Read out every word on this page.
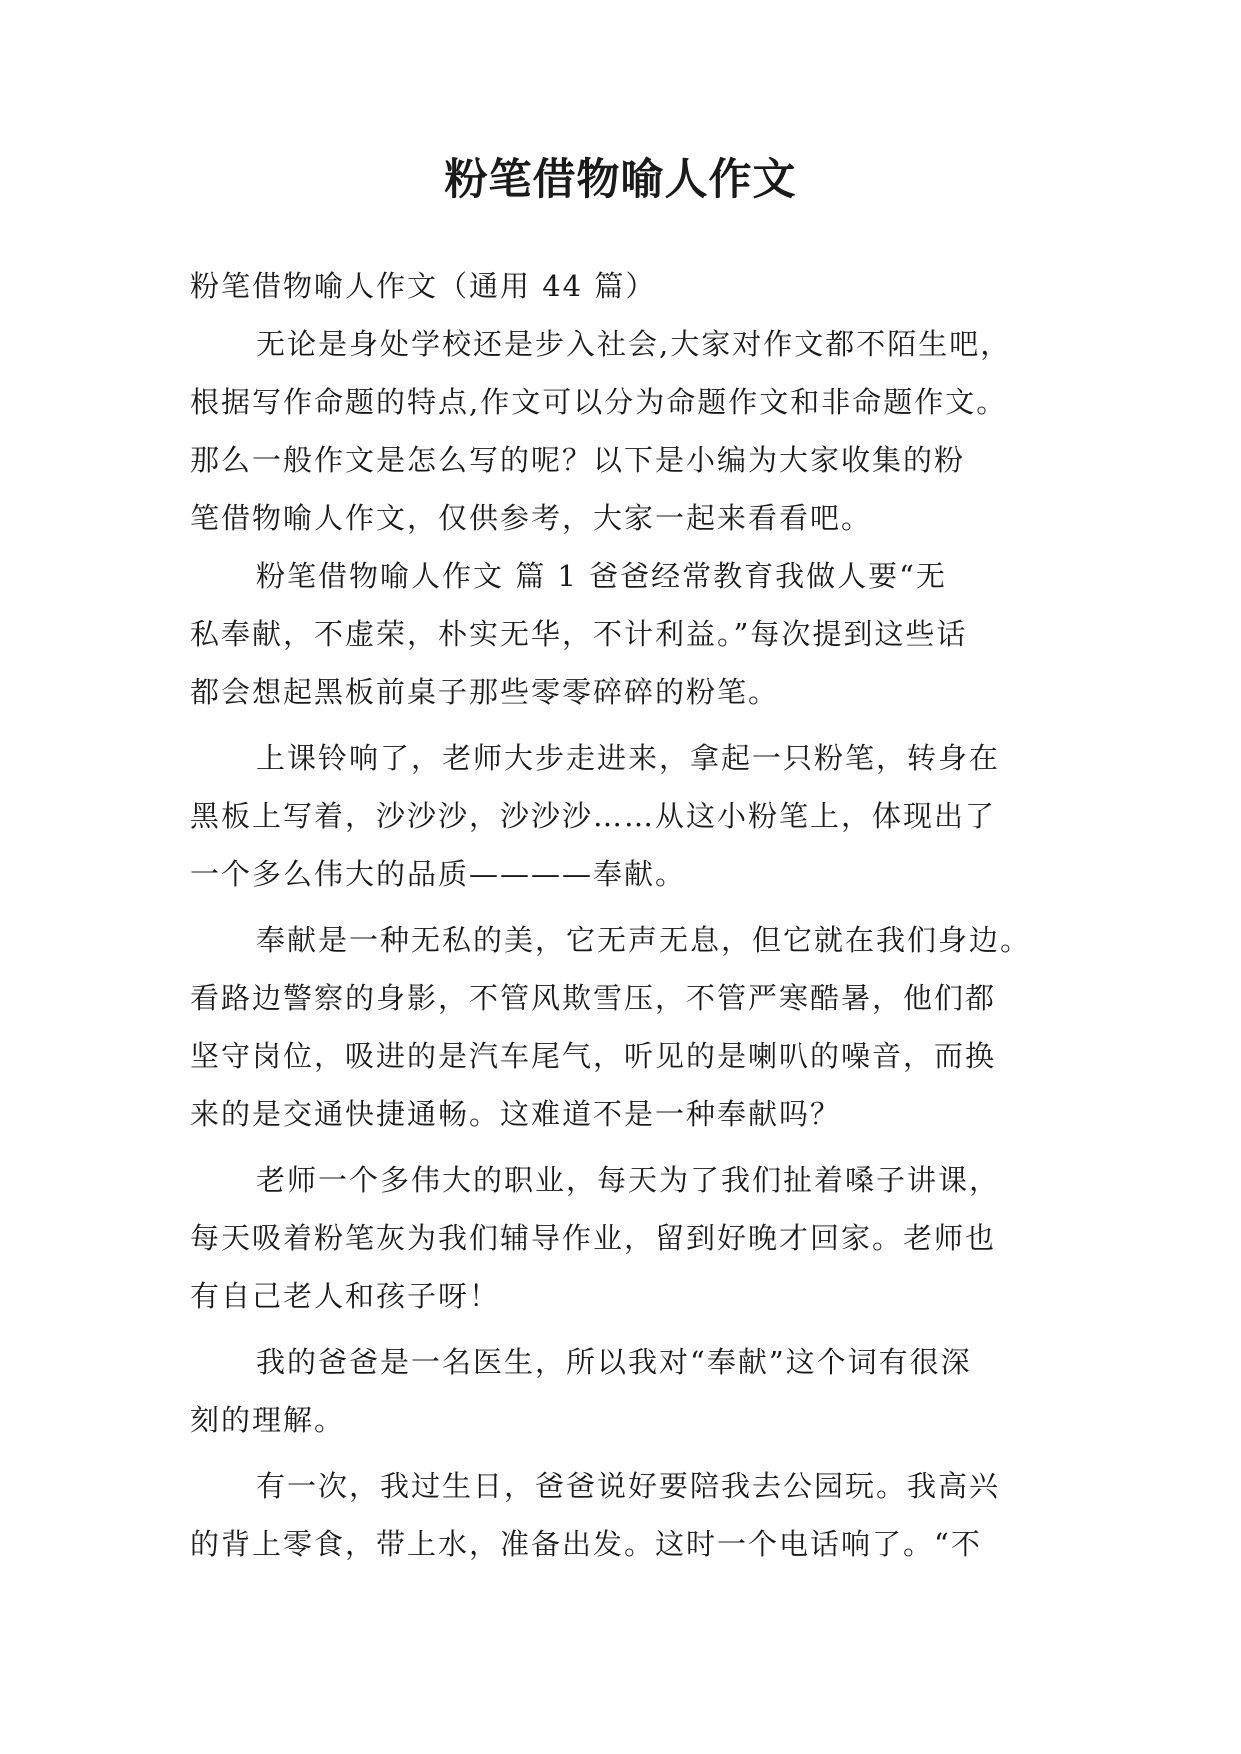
粉笔借物喻人作文

粉笔借物喻人作文（通用 44 篇）

无论是身处学校还是步入社会,大家对作文都不陌生吧，

根据写作命题的特点,作文可以分为命题作文和非命题作文。

那么一般作文是怎么写的呢？以下是小编为大家收集的粉

笔借物喻人作文，仅供参考，大家一起来看看吧。

粉笔借物喻人作文 篇 1 爸爸经常教育我做人要“无

私奉献，不虚荣，朴实无华，不计利益。”每次提到这些话

都会想起黑板前桌子那些零零碎碎的粉笔。

上课铃响了，老师大步走进来，拿起一只粉笔，转身在

黑板上写着，沙沙沙，沙沙沙……从这小粉笔上，体现出了

一个多么伟大的品质————奉献。

奉献是一种无私的美，它无声无息，但它就在我们身边。

看路边警察的身影，不管风欺雪压，不管严寒酷暑，他们都

坚守岗位，吸进的是汽车尾气，听见的是喇叭的噪音，而换

来的是交通快捷通畅。这难道不是一种奉献吗？

老师一个多伟大的职业，每天为了我们扯着嗓子讲课，

每天吸着粉笔灰为我们辅导作业，留到好晚才回家。老师也

有自己老人和孩子呀！

我的爸爸是一名医生，所以我对“奉献”这个词有很深

刻的理解。

有一次，我过生日，爸爸说好要陪我去公园玩。我高兴

的背上零食，带上水，准备出发。这时一个电话响了。“不
